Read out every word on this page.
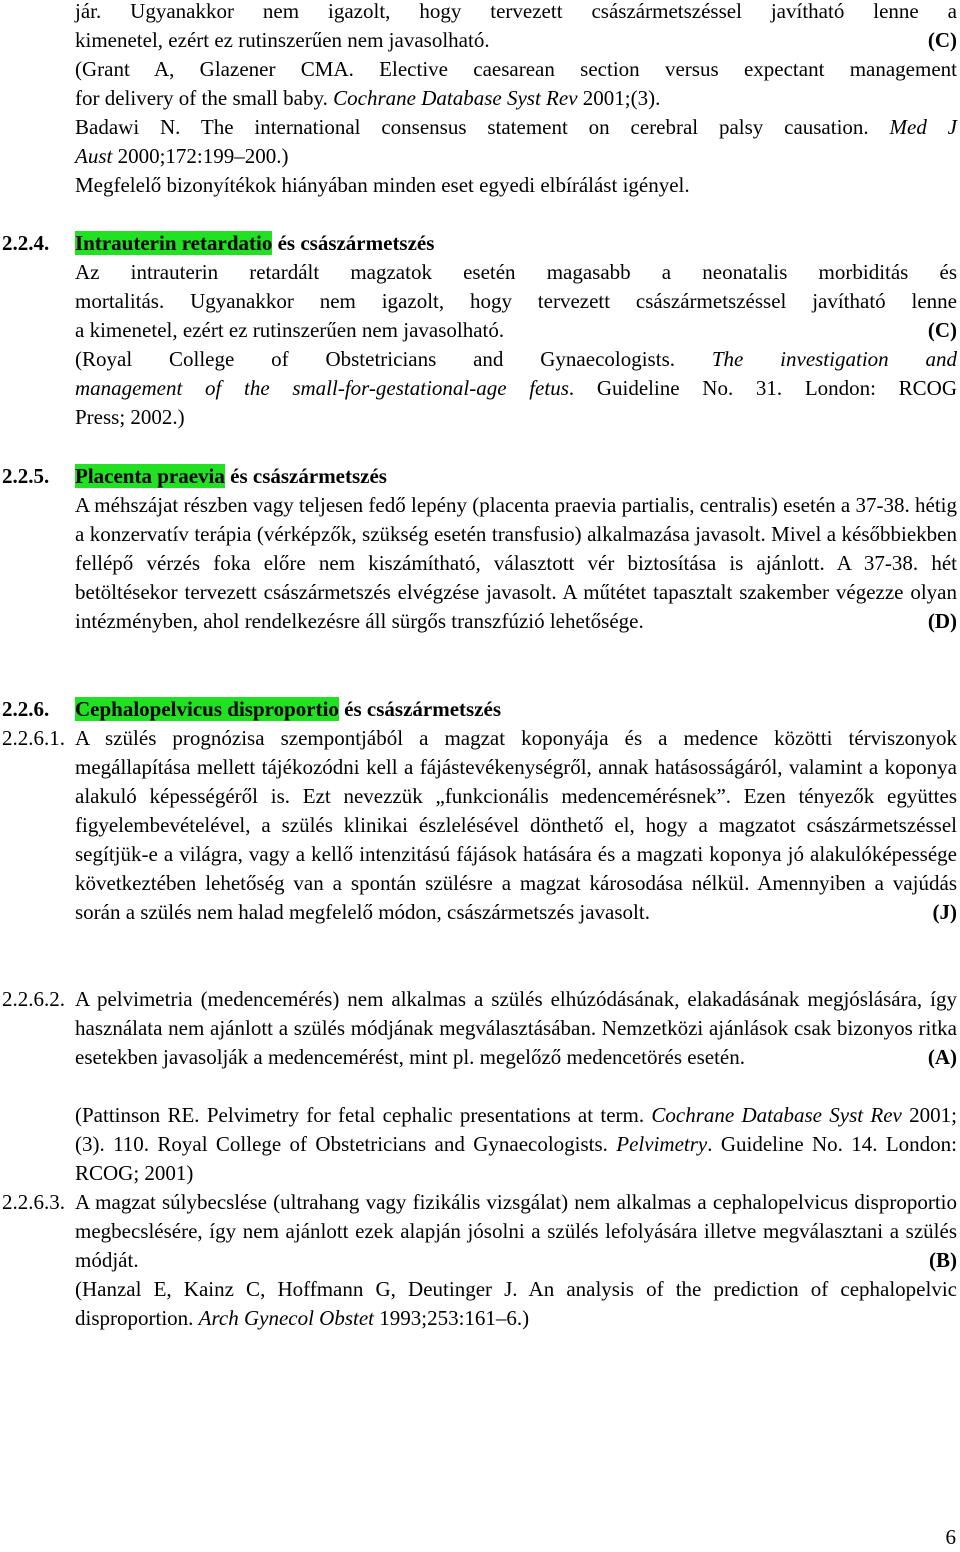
jár. Ugyanakkor nem igazolt, hogy tervezett császármetszéssel javítható lenne a
kimenetel, ezért ez rutinszerűen nem javasolható.	(C)
(Grant A, Glazener CMA. Elective caesarean section versus expectant management
for delivery of the small baby. Cochrane Database Syst Rev 2001;(3).
Badawi N. The international consensus statement on cerebral palsy causation. Med J
Aust 2000;172:199–200.)
Megfelelő bizonyítékok hiányában minden eset egyedi elbírálást igényel.
2.2.4. Intrauterin retardatio és császármetszés
Az intrauterin retardált magzatok esetén magasabb a neonatalis morbiditás és
mortalitás. Ugyanakkor nem igazolt, hogy tervezett császármetszéssel javítható lenne
a kimenetel, ezért ez rutinszerűen nem javasolható.	(C)
(Royal College of Obstetricians and Gynaecologists. The investigation and
management of the small-for-gestational-age fetus. Guideline No. 31. London: RCOG
Press; 2002.)
2.2.5. Placenta praevia és császármetszés
A méhszájat részben vagy teljesen fedő lepény (placenta praevia partialis, centralis) esetén a 37-38. hétig a konzervatív terápia (vérképzők, szükség esetén transfusio) alkalmazása javasolt. Mivel a későbbiekben fellépő vérzés foka előre nem kiszámítható, választott vér biztosítása is ajánlott. A 37-38. hét betöltésekor tervezett császármetszés elvégzése javasolt. A műtétet tapasztalt szakember végezze olyan intézményben, ahol rendelkezésre áll sürgős transzfúzió lehetősége.	(D)
2.2.6. Cephalopelvicus disproportio és császármetszés
2.2.6.1. A szülés prognózisa szempontjából a magzat koponyája és a medence közötti térviszonyok megállapítása mellett tájékozódni kell a fájástevékenységről, annak hatásosságáról, valamint a koponya alakuló képességéről is. Ezt nevezzük „funkcionális medencemérésnek”. Ezen tényezők együttes figyelembevételével, a szülés klinikai észlelésével dönthető el, hogy a magzatot császármetszéssel segítjük-e a világra, vagy a kellő intenzitású fájások hatására és a magzati koponya jó alakulóképessége következtében lehetőség van a spontán szülésre a magzat károsodása nélkül. Amennyiben a vajúdás során a szülés nem halad megfelelő módon, császármetszés javasolt.	(J)
2.2.6.2. A pelvimetria (medencemérés) nem alkalmas a szülés elhúzódásának, elakadásának megjóslására, így használata nem ajánlott a szülés módjának megválasztásában. Nemzetközi ajánlások csak bizonyos ritka esetekben javasolják a medencemérést, mint pl. megelőző medencetörés esetén.	(A)
(Pattinson RE. Pelvimetry for fetal cephalic presentations at term. Cochrane Database Syst Rev 2001;(3). 110. Royal College of Obstetricians and Gynaecologists. Pelvimetry. Guideline No. 14. London: RCOG; 2001)
2.2.6.3. A magzat súlybecslése (ultrahang vagy fizikális vizsgálat) nem alkalmas a cephalopelvicus disproportio megbecslésére, így nem ajánlott ezek alapján jósolni a szülés lefolyására illetve megválasztani a szülés módját.	(B)
(Hanzal E, Kainz C, Hoffmann G, Deutinger J. An analysis of the prediction of cephalopelvic disproportion. Arch Gynecol Obstet 1993;253:161–6.)
6
